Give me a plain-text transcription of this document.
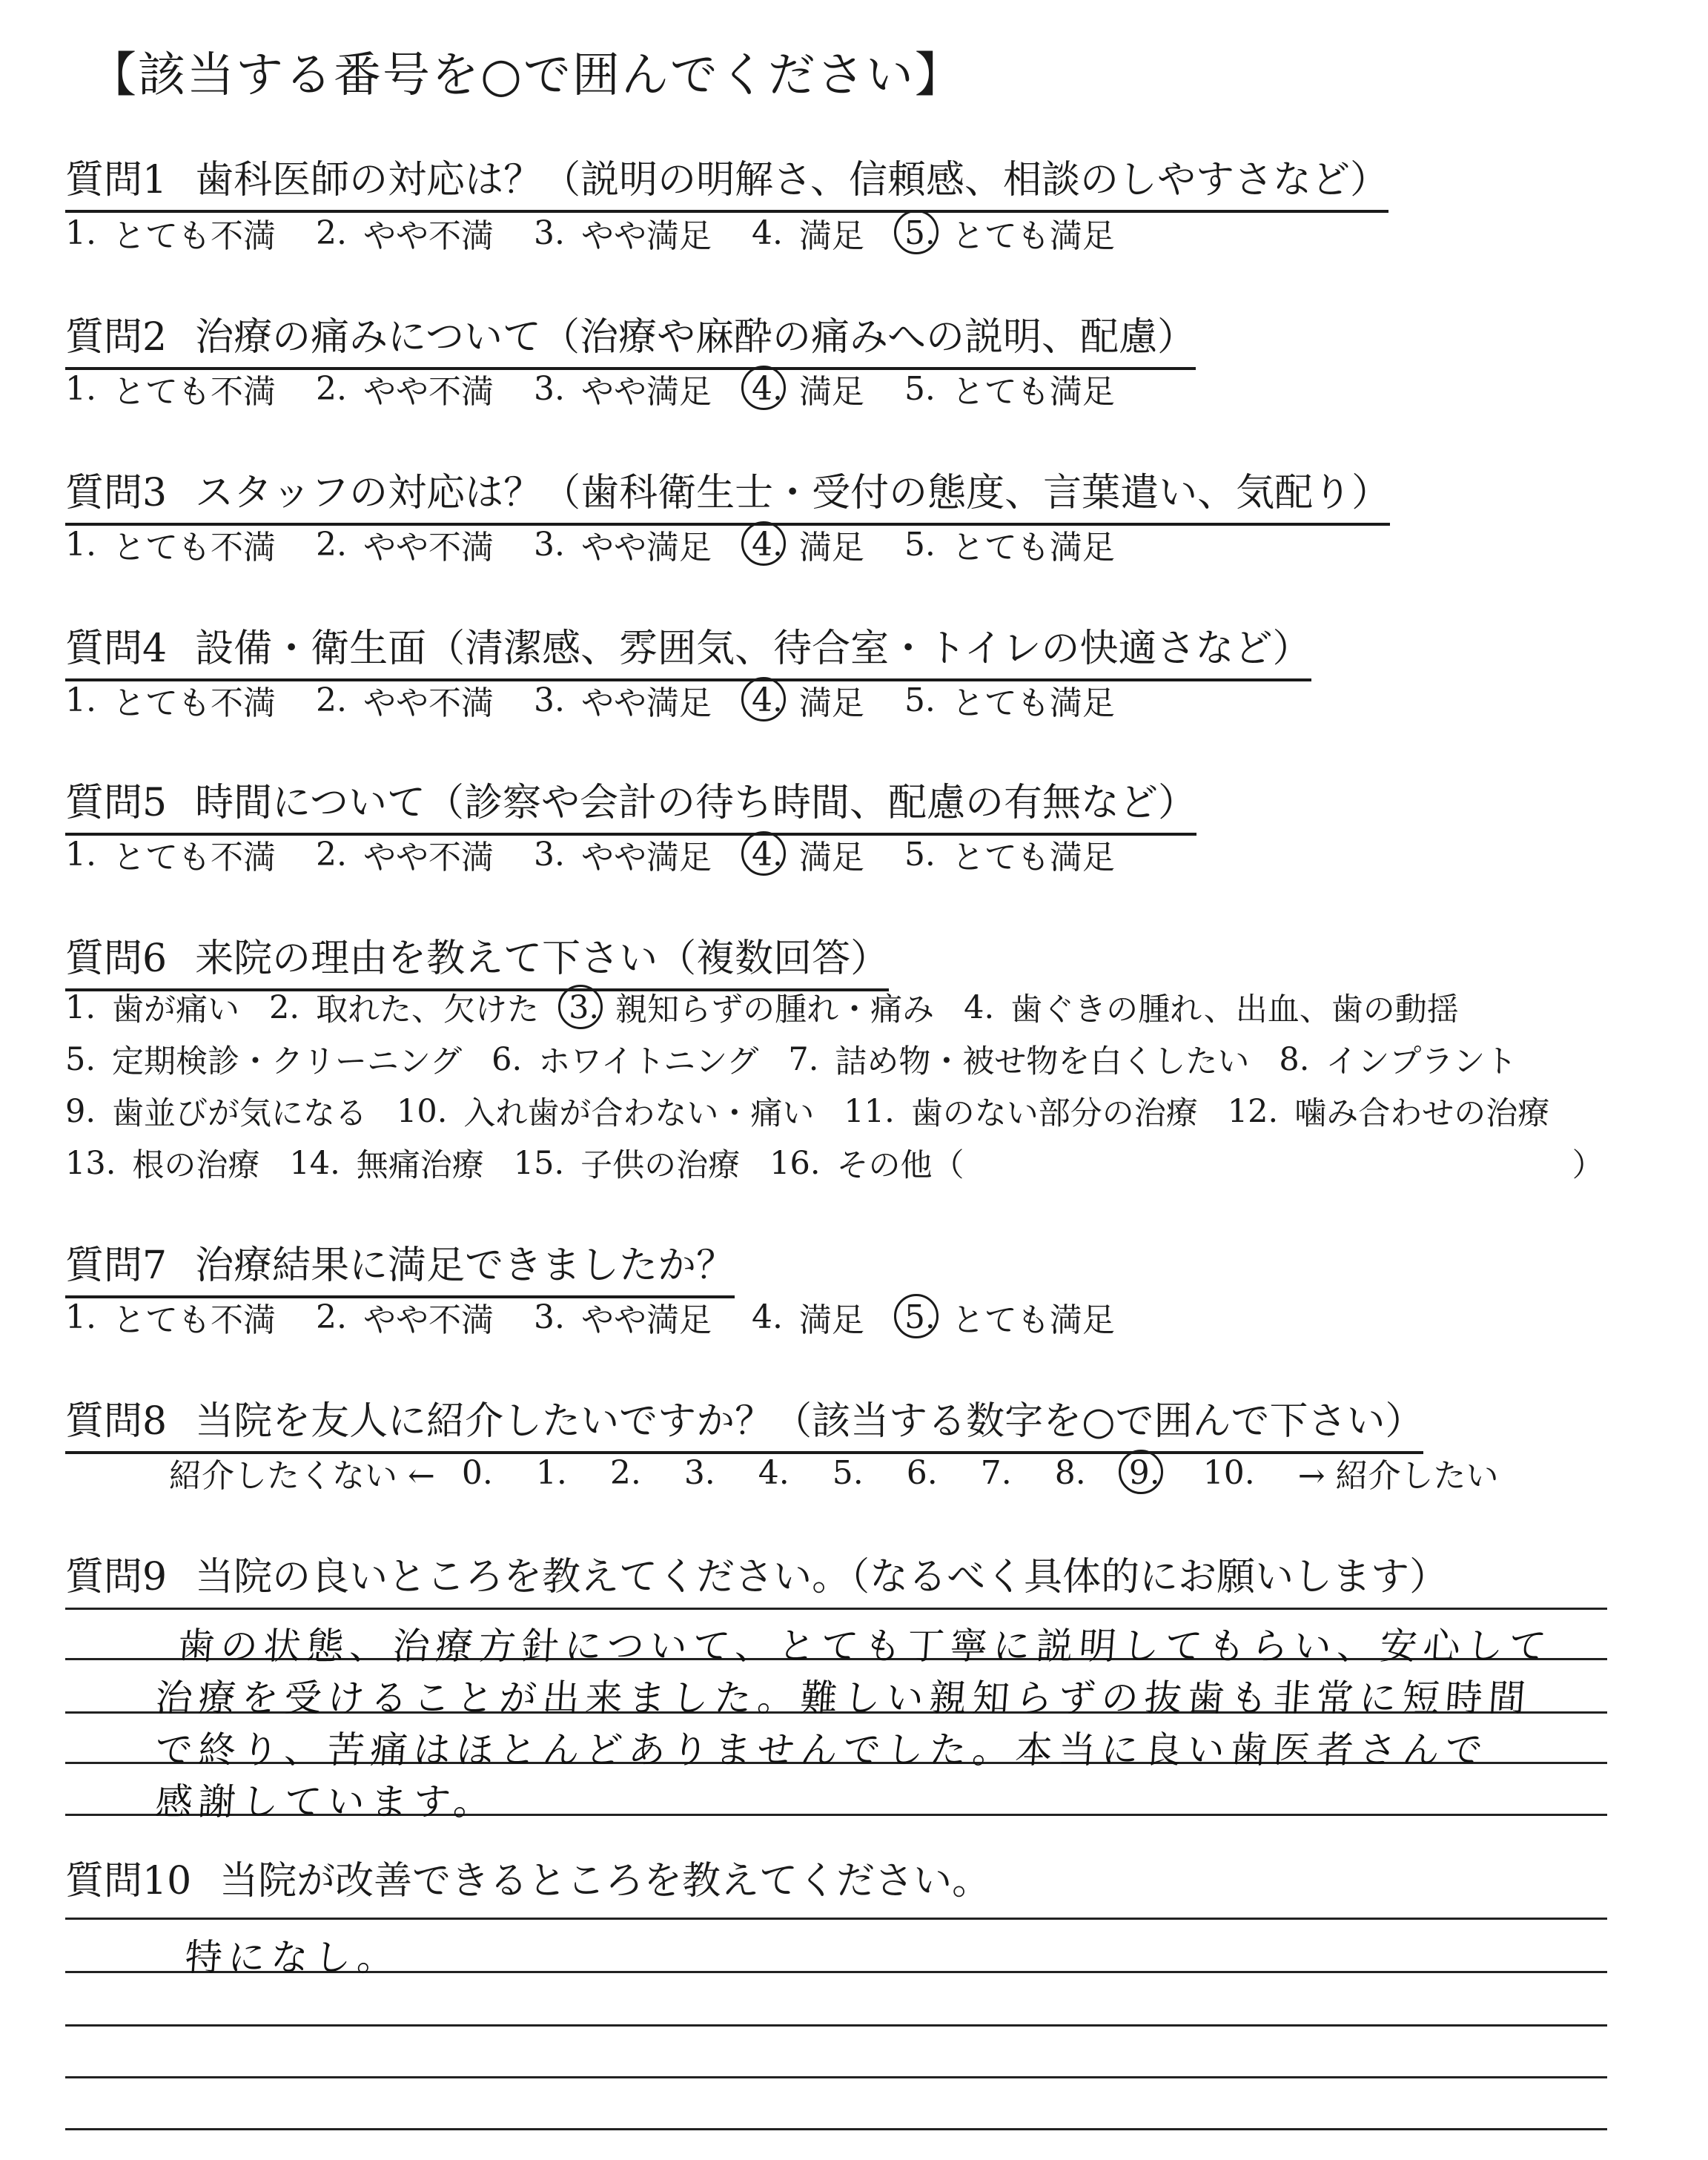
【該当する番号を○で囲んでください】
質問1 歯科医師の対応は？（説明の明解さ、信頼感、相談のしやすさなど）
1. とても不満 2. やや不満 3. やや満足 4. 満足 5. とても満足
質問2 治療の痛みについて（治療や麻酔の痛みへの説明、配慮）
1. とても不満 2. やや不満 3. やや満足 4. 満足 5. とても満足
質問3 スタッフの対応は？（歯科衛生士・受付の態度、言葉遣い、気配り）
1. とても不満 2. やや不満 3. やや満足 4. 満足 5. とても満足
質問4 設備・衛生面（清潔感、雰囲気、待合室・トイレの快適さなど）
1. とても不満 2. やや不満 3. やや満足 4. 満足 5. とても満足
質問5 時間について（診察や会計の待ち時間、配慮の有無など）
1. とても不満 2. やや不満 3. やや満足 4. 満足 5. とても満足
質問6 来院の理由を教えて下さい（複数回答）
1. 歯が痛い 2. 取れた、欠けた 3. 親知らずの腫れ・痛み 4. 歯ぐきの腫れ、出血、歯の動揺
5. 定期検診・クリーニング 6. ホワイトニング 7. 詰め物・被せ物を白くしたい 8. インプラント
9. 歯並びが気になる 10. 入れ歯が合わない・痛い 11. 歯のない部分の治療 12. 噛み合わせの治療
13. 根の治療 14. 無痛治療 15. 子供の治療 16. その他（	）
質問7 治療結果に満足できましたか？
1. とても不満 2. やや不満 3. やや満足 4. 満足 5. とても満足
質問8 当院を友人に紹介したいですか？（該当する数字を○で囲んで下さい）
紹介したくない ← 0. 1. 2. 3. 4. 5. 6. 7. 8. 9. 10. → 紹介したい
質問9 当院の良いところを教えてください。（なるべく具体的にお願いします）
歯の状態、治療方針について、とても丁寧に説明してもらい、安心して
治療を受けることが出来ました。難しい親知らずの抜歯も非常に短時間
で終り、苦痛はほとんどありませんでした。本当に良い歯医者さんで
感謝しています。
質問10 当院が改善できるところを教えてください。
特になし。
